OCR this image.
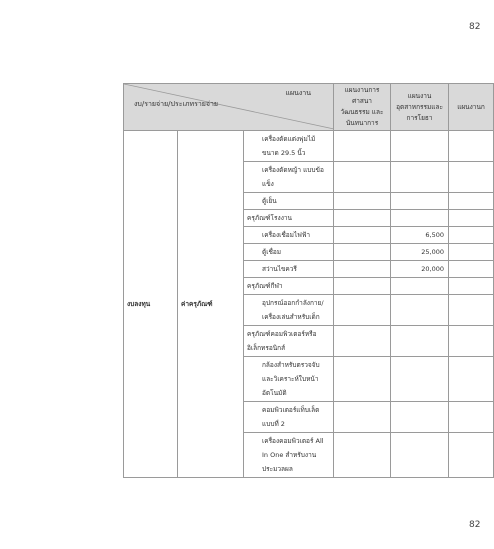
82
แผนงาน
งบ/รายจ่าย/ประเภทรายจ่าย			แผนงานการศาสนา วัฒนธรรม และนันทนาการ	แผนงาน อุตสาหกรรมและการโยธา	แผนงานก
งบลงทุน	ค่าครุภัณฑ์	เครื่องตัดแต่งพุ่มไม้ ขนาด 29.5 นิ้ว			
		เครื่องตัดหญ้า แบบข้อแข็ง			
		ตู้เย็น			
		ครุภัณฑ์โรงงาน			
		เครื่องเชื่อมไฟฟ้า		6,500	
		ตู้เชื่อม		25,000	
		สว่านไขควรี		20,000	
		ครุภัณฑ์กีฬา			
		อุปกรณ์ออกกำลังกาย/เครื่องเล่นสำหรับเด็ก			
		ครุภัณฑ์คอมพิวเตอร์หรืออิเล็กทรอนิกส์			
		กล้องสำหรับตรวจจับและวิเคราะห์ใบหน้าอัตโนมัติ			
		คอมพิวเตอร์แท็บเล็ต แบบที่ 2			
		เครื่องคอมพิวเตอร์ All In One สำหรับงานประมวลผล			
82
